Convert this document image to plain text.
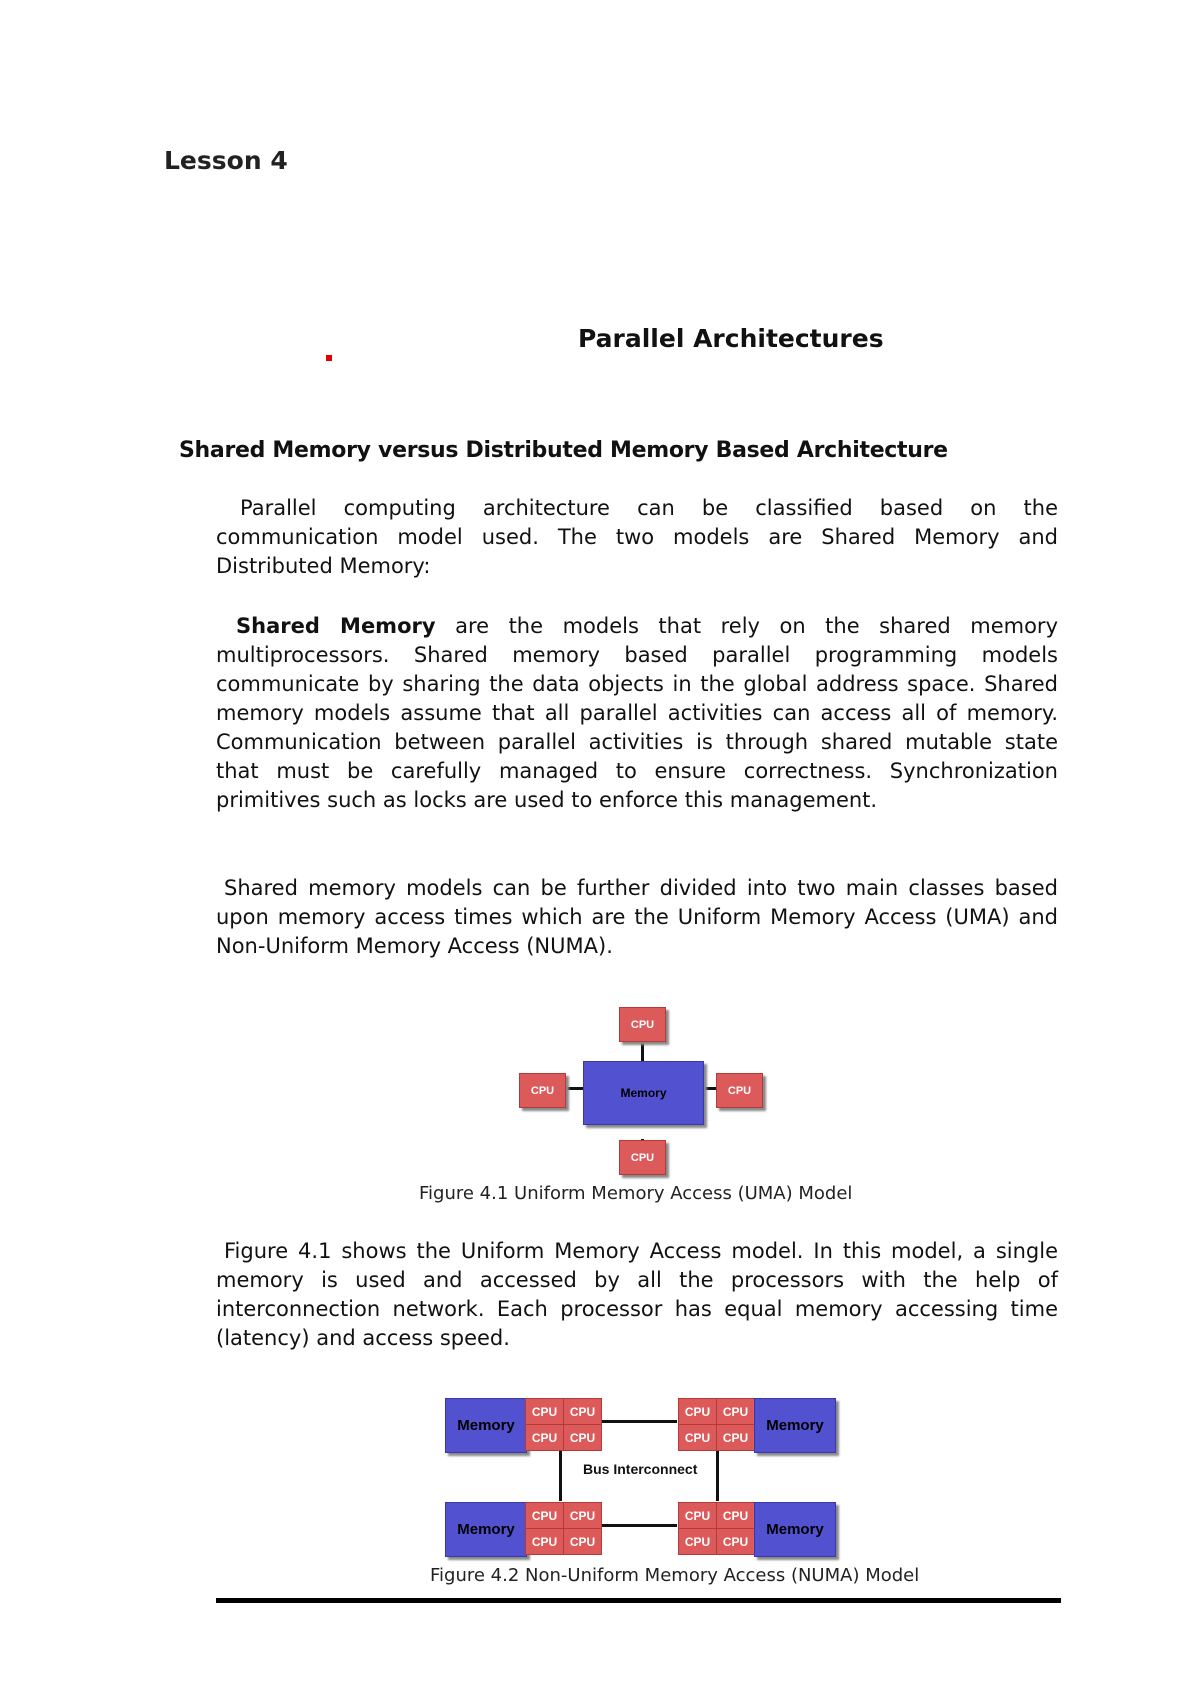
Lesson 4
Parallel Architectures
Shared Memory versus Distributed Memory Based Architecture
Parallel computing architecture can be classified based on the communication model used. The two models are Shared Memory and Distributed Memory:
Shared Memory are the models that rely on the shared memory multiprocessors. Shared memory based parallel programming models communicate by sharing the data objects in the global address space. Shared memory models assume that all parallel activities can access all of memory. Communication between parallel activities is through shared mutable state that must be carefully managed to ensure correctness. Synchronization primitives such as locks are used to enforce this management.
Shared memory models can be further divided into two main classes based upon memory access times which are the Uniform Memory Access (UMA) and Non-Uniform Memory Access (NUMA).
Memory
CPU
CPU	CPU
CPU
Figure 4.1 Uniform Memory Access (UMA) Model
Figure 4.1 shows the Uniform Memory Access model. In this model, a single memory is used and accessed by all the processors with the help of interconnection network. Each processor has equal memory accessing time (latency) and access speed.
Bus Interconnect
Memory
CPU	CPU
CPU	CPU
CPU	CPU
CPU	CPU
Memory
Memory
CPU	CPU
CPU	CPU
CPU	CPU
CPU	CPU
Memory
Figure 4.2 Non-Uniform Memory Access (NUMA) Model
